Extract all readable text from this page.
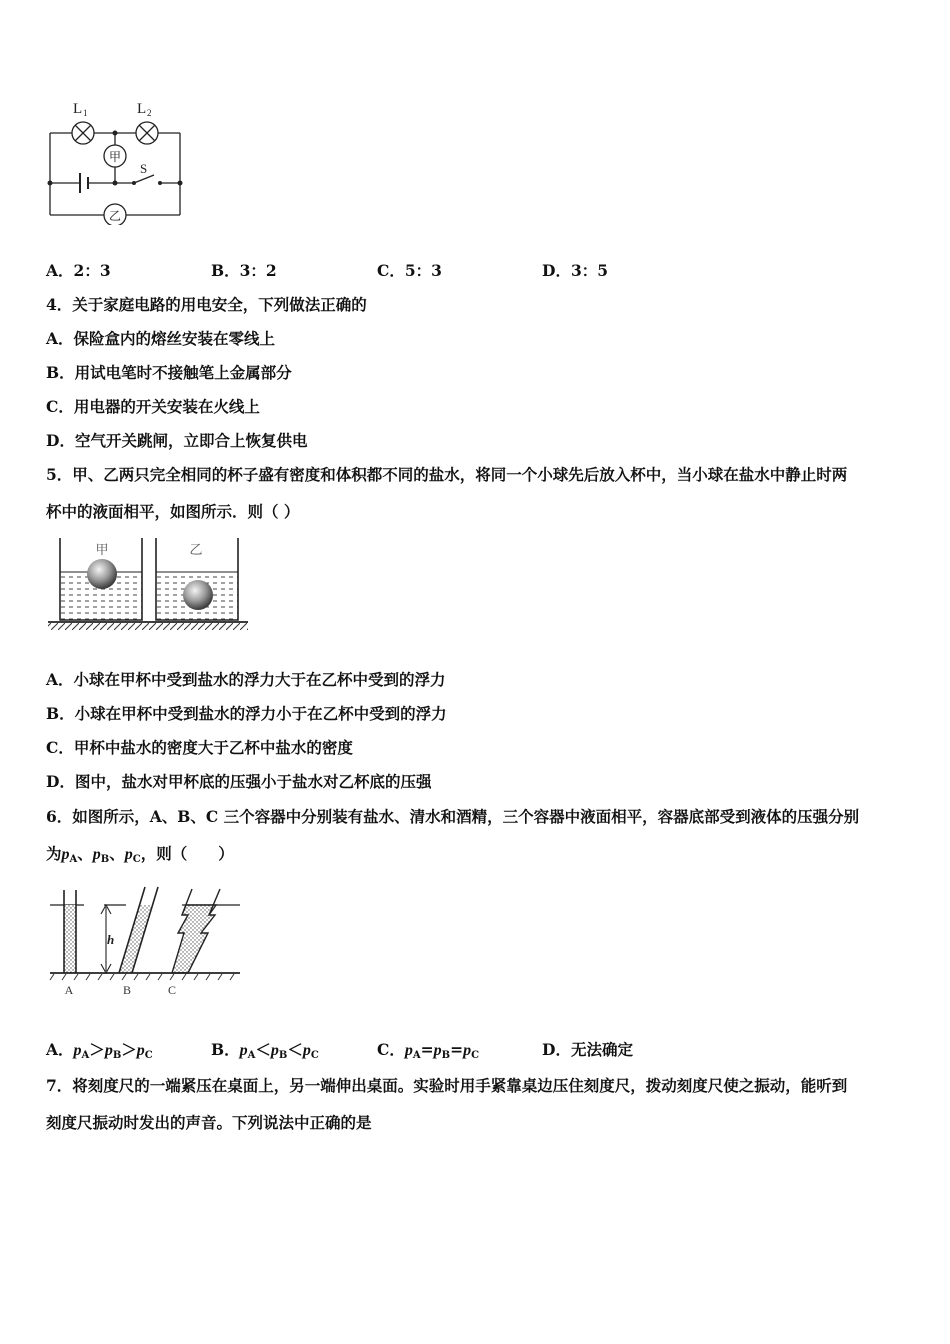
甲
乙
L 1	L 2
S
A．2：3	B．3：2	C．5：3	D．3：5
4．关于家庭电路的用电安全，下列做法正确的
A．保险盒内的熔丝安装在零线上
B．用试电笔时不接触笔上金属部分
C．用电器的开关安装在火线上
D．空气开关跳闸，立即合上恢复供电
5．甲、乙两只完全相同的杯子盛有密度和体积都不同的盐水，将同一个小球先后放入杯中，当小球在盐水中静止时两
杯中的液面相平，如图所示．则（ ）
甲	乙
A．小球在甲杯中受到盐水的浮力大于在乙杯中受到的浮力
B．小球在甲杯中受到盐水的浮力小于在乙杯中受到的浮力
C．甲杯中盐水的密度大于乙杯中盐水的密度
D．图中，盐水对甲杯底的压强小于盐水对乙杯底的压强
6．如图所示，A、B、C 三个容器中分别装有盐水、清水和酒精，三个容器中液面相平，容器底部受到液体的压强分别
为$p_A$、$p_B$、$p_C$，则（　　）
h
A	B	C
A．$p_A>p_B>p_C$	B．$p_A<p_B<p_C$	C．$p_A=p_B=p_C$	D．无法确定
7．将刻度尺的一端紧压在桌面上，另一端伸出桌面。实验时用手紧靠桌边压住刻度尺，拨动刻度尺使之振动，能听到
刻度尺振动时发出的声音。下列说法中正确的是
